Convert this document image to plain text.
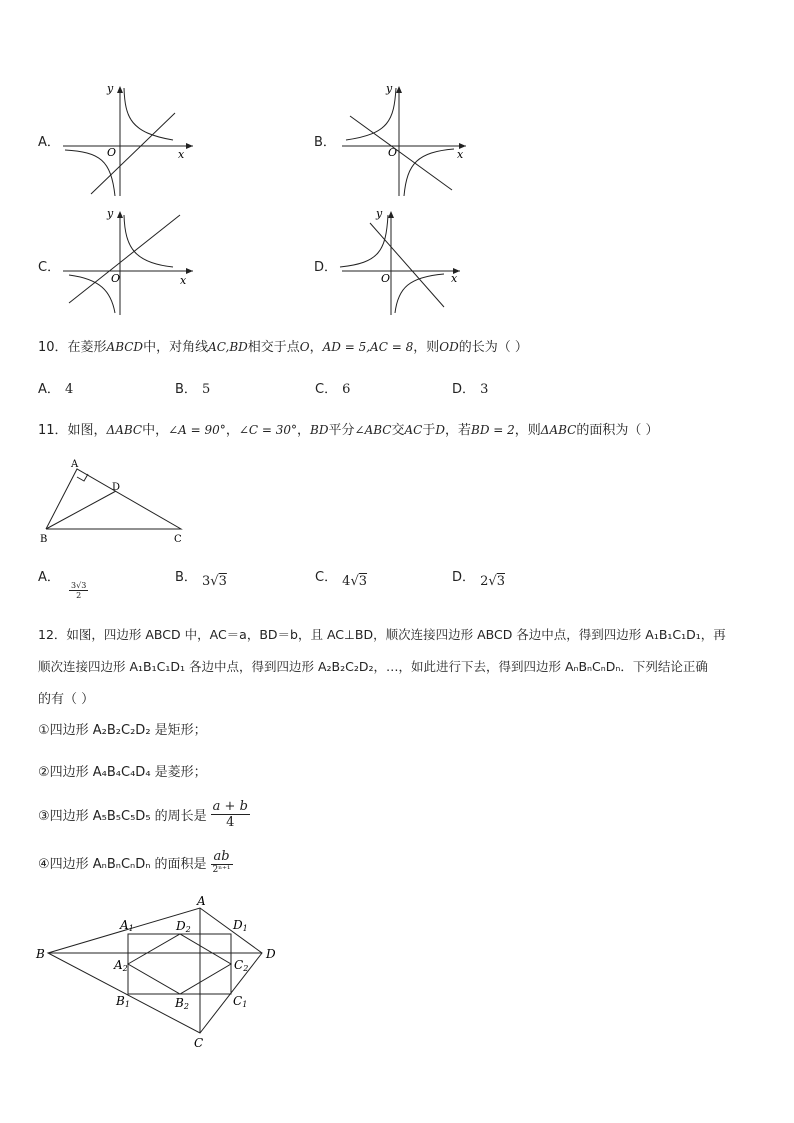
A．
y
x
O
B．
y
x
O
C．
y
x
O
D．
y
x
O
10．在菱形ABCD中，对角线AC,BD相交于点O，AD = 5,AC = 8，则OD的长为（ ）
A． 4	B． 5	C． 6	D． 3
11．如图，ΔABC中，∠A = 90°，∠C = 30°，BD平分∠ABC交AC于D，若BD = 2，则ΔABC的面积为（ ）
A
D
B	C
A．
$\frac{3√3}{2}$
B． $_{3√3}$	C． $_{4√3}$	D． $_{2√3}$
12．如图，四边形 ABCD 中，AC＝a，BD＝b，且 AC⊥BD，顺次连接四边形 ABCD 各边中点，得到四边形 A₁B₁C₁D₁，再
顺次连接四边形 A₁B₁C₁D₁ 各边中点，得到四边形 A₂B₂C₂D₂，…，如此进行下去，得到四边形 AₙBₙCₙDₙ．下列结论正确
的有（ ）
①四边形 A₂B₂C₂D₂ 是矩形；
②四边形 A₄B₄C₄D₄ 是菱形；
③四边形 A₅B₅C₅D₅ 的周长是 $\frac{a + b}{4}$
④四边形 AₙBₙCₙDₙ 的面积是 $\frac{ab}{\text{2ⁿ⁺¹}}$
A
B
C
D
A1	D1
B1	C1
D2
A2	C2
B2
